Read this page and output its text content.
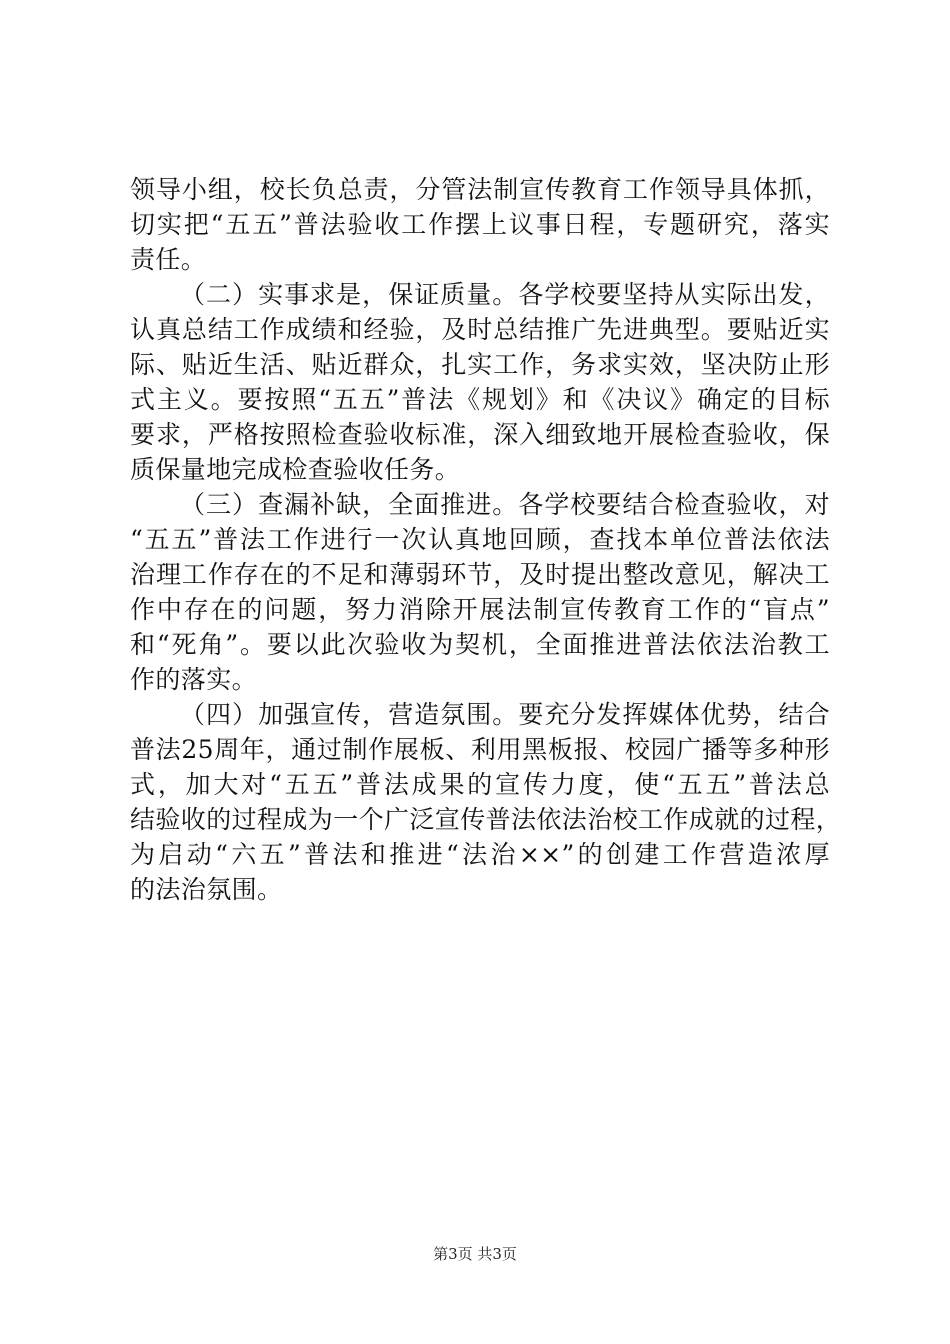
领导小组，校长负总责，分管法制宣传教育工作领导具体抓，
切实把“五五”普法验收工作摆上议事日程，专题研究，落实
责任。
（二）实事求是，保证质量。各学校要坚持从实际出发，
认真总结工作成绩和经验，及时总结推广先进典型。要贴近实
际、贴近生活、贴近群众，扎实工作，务求实效，坚决防止形
式主义。要按照“五五”普法《规划》和《决议》确定的目标
要求，严格按照检查验收标准，深入细致地开展检查验收，保
质保量地完成检查验收任务。
（三）查漏补缺，全面推进。各学校要结合检查验收，对
“五五”普法工作进行一次认真地回顾，查找本单位普法依法
治理工作存在的不足和薄弱环节，及时提出整改意见，解决工
作中存在的问题，努力消除开展法制宣传教育工作的“盲点”
和“死角”。要以此次验收为契机，全面推进普法依法治教工
作的落实。
（四）加强宣传，营造氛围。要充分发挥媒体优势，结合
普法25周年，通过制作展板、利用黑板报、校园广播等多种形
式，加大对“五五”普法成果的宣传力度，使“五五”普法总
结验收的过程成为一个广泛宣传普法依法治校工作成就的过程，
为启动“六五”普法和推进“法治××”的创建工作营造浓厚
的法治氛围。
第3页 共3页
